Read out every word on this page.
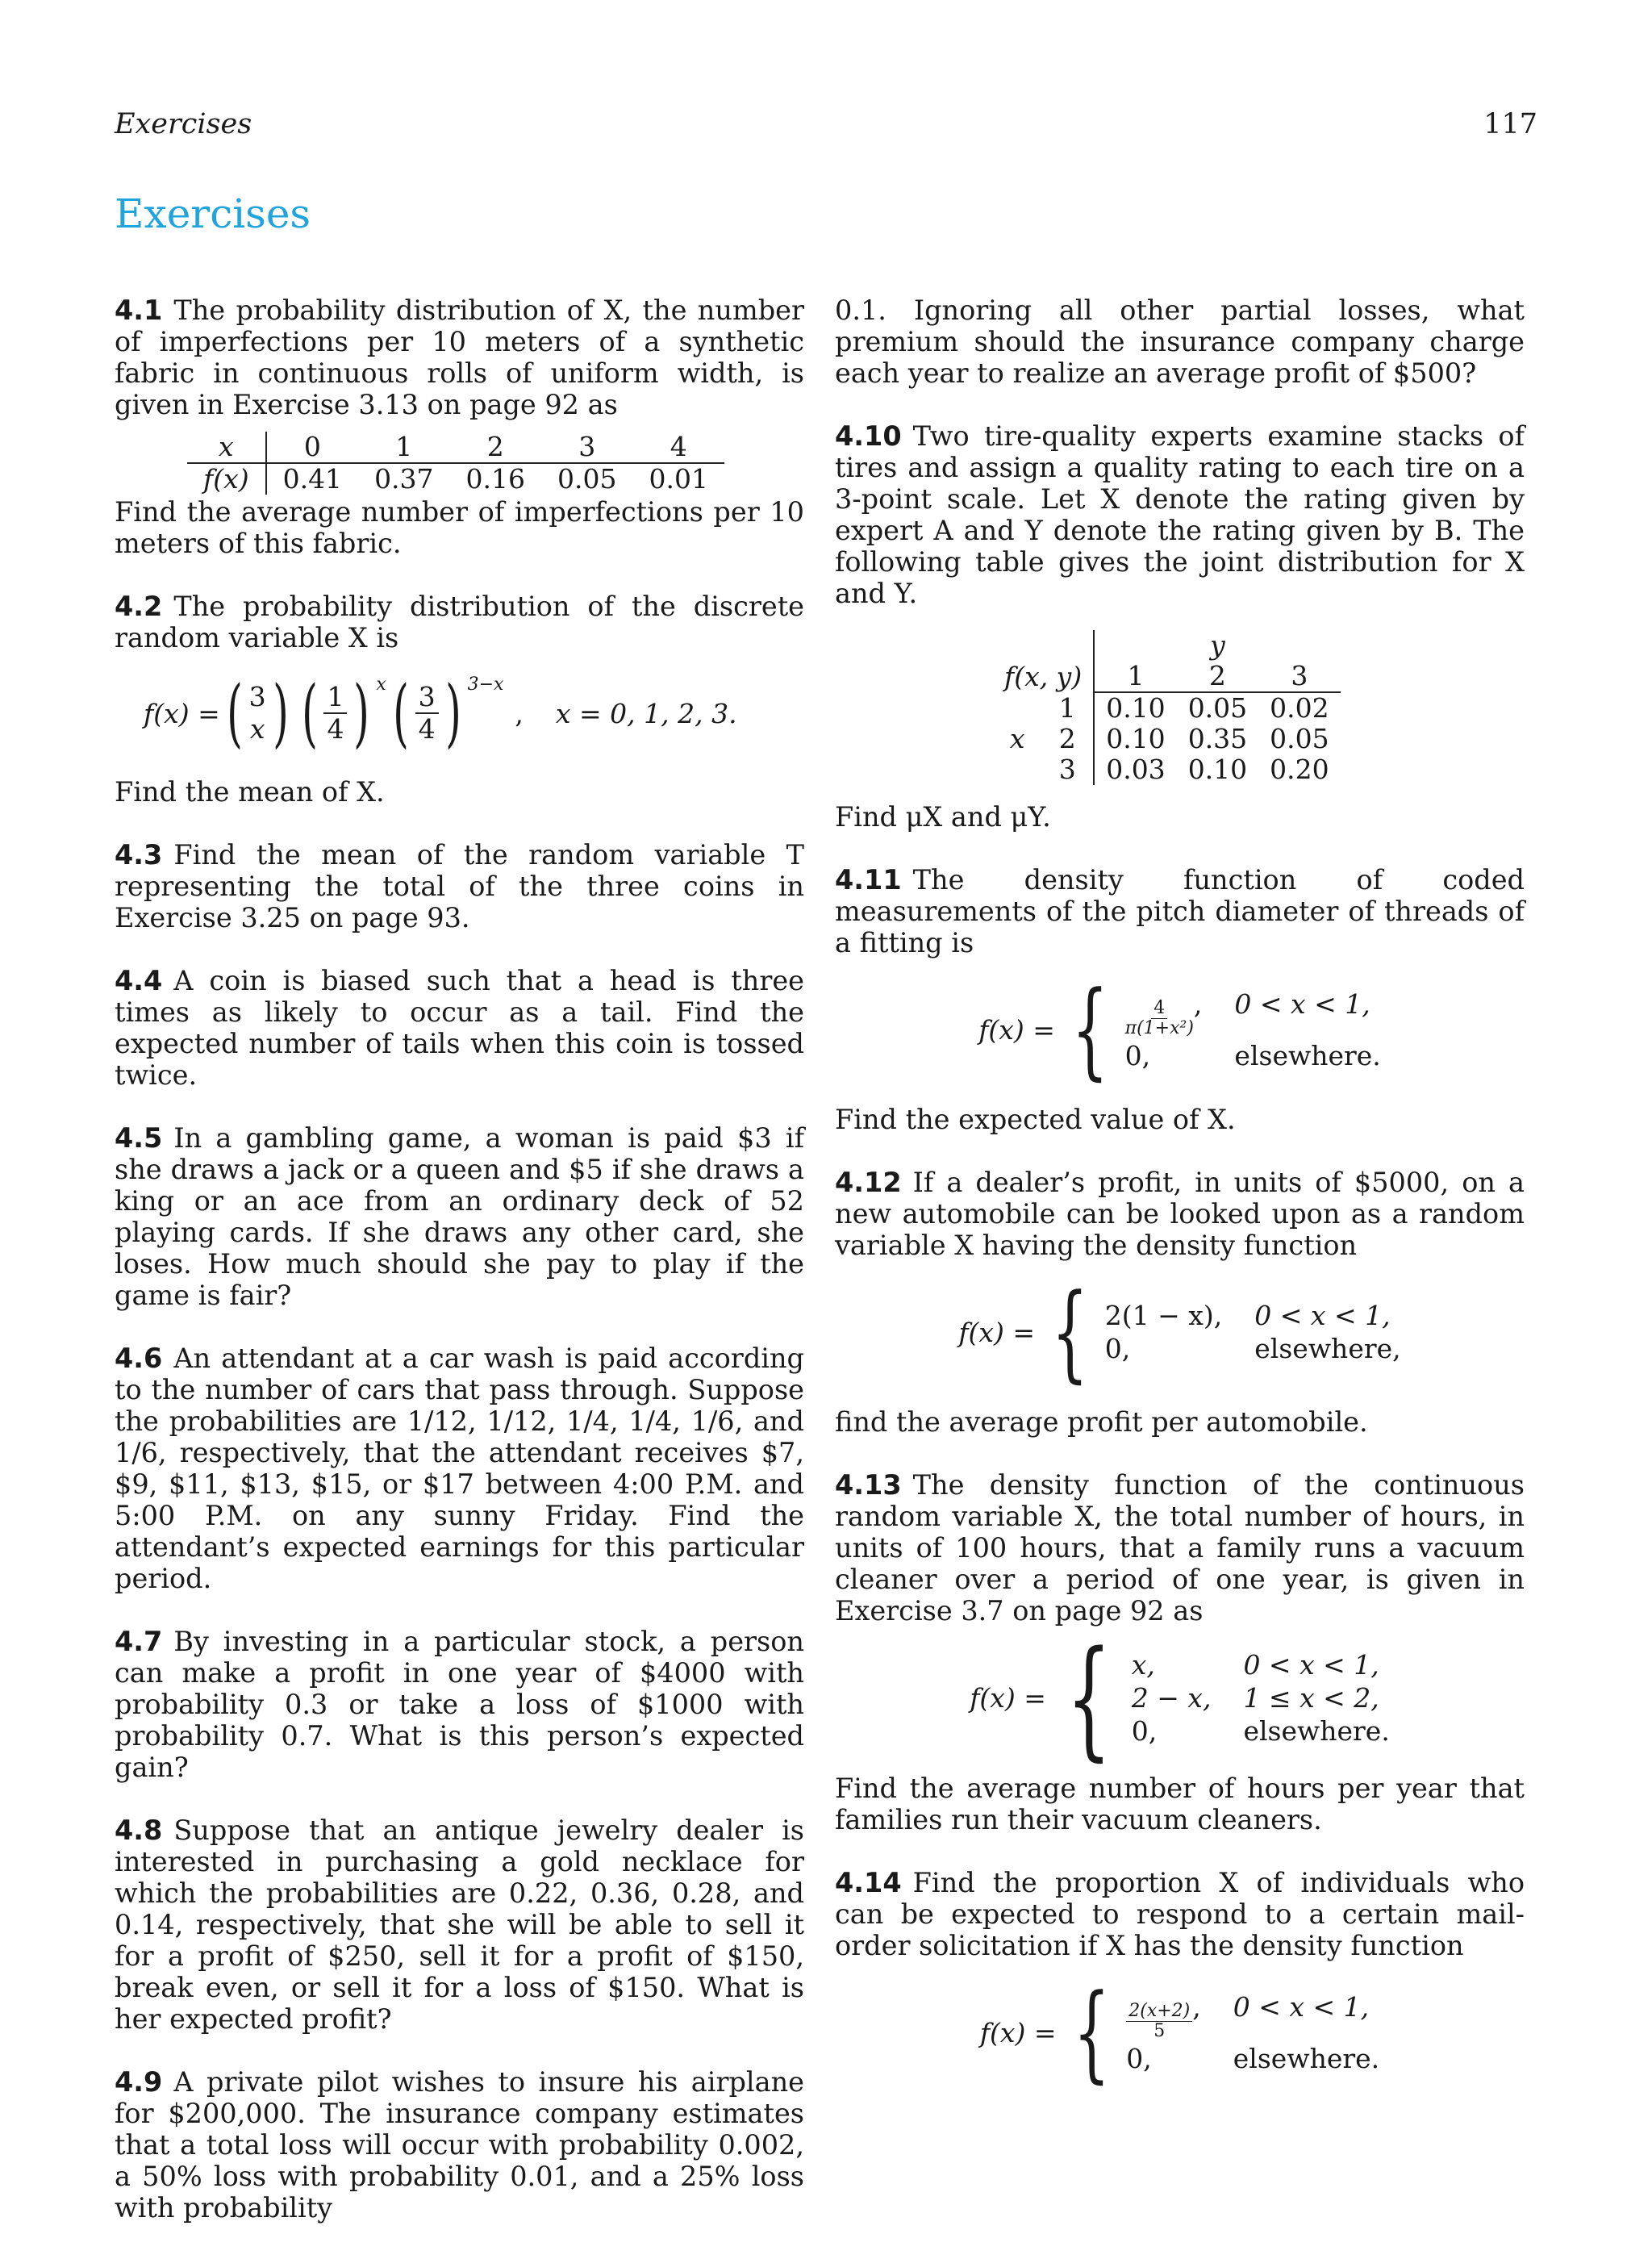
Exercises	117
Exercises
4.1 The probability distribution of X, the number of imperfections per 10 meters of a synthetic fabric in continuous rolls of uniform width, is given in Exercise 3.13 on page 92 as
x	0	1	2	3	4
f(x)	0.41	0.37	0.16	0.05	0.01
Find the average number of imperfections per 10 meters of this fabric.
4.2 The probability distribution of the discrete random variable X is
f(x) = ( 3
x ) ( $\frac{1}{4}$ ) x ( $\frac{3}{4}$ ) 3−x
, x = 0, 1, 2, 3.
Find the mean of X.
4.3 Find the mean of the random variable T representing the total of the three coins in Exercise 3.25 on page 93.
4.4 A coin is biased such that a head is three times as likely to occur as a tail. Find the expected number of tails when this coin is tossed twice.
4.5 In a gambling game, a woman is paid $3 if she draws a jack or a queen and $5 if she draws a king or an ace from an ordinary deck of 52 playing cards. If she draws any other card, she loses. How much should she pay to play if the game is fair?
4.6 An attendant at a car wash is paid according to the number of cars that pass through. Suppose the probabilities are 1/12, 1/12, 1/4, 1/4, 1/6, and 1/6, respectively, that the attendant receives $7, $9, $11, $13, $15, or $17 between 4:00 P.M. and 5:00 P.M. on any sunny Friday. Find the attendant’s expected earnings for this particular period.
4.7 By investing in a particular stock, a person can make a profit in one year of $4000 with probability 0.3 or take a loss of $1000 with probability 0.7. What is this person’s expected gain?
4.8 Suppose that an antique jewelry dealer is interested in purchasing a gold necklace for which the probabilities are 0.22, 0.36, 0.28, and 0.14, respectively, that she will be able to sell it for a profit of $250, sell it for a profit of $150, break even, or sell it for a loss of $150. What is her expected profit?
4.9 A private pilot wishes to insure his airplane for $200,000. The insurance company estimates that a total loss will occur with probability 0.002, a 50% loss with probability 0.01, and a 25% loss with probability
0.1. Ignoring all other partial losses, what premium should the insurance company charge each year to realize an average profit of $500?
4.10 Two tire-quality experts examine stacks of tires and assign a quality rating to each tire on a 3-point scale. Let X denote the rating given by expert A and Y denote the rating given by B. The following table gives the joint distribution for X and Y.
			y	
f(x, y)		1	2	3
	1	0.10	0.05	0.02
x	2	0.10	0.35	0.05
	3	0.03	0.10	0.20
Find μX and μY.
4.11 The density function of coded measurements of the pitch diameter of threads of a fitting is
f(x) = { $\frac{4}{\text{π(1+x²)}}$ , 0 < x < 1,
0,	elsewhere.
Find the expected value of X.
4.12 If a dealer’s profit, in units of $5000, on a new automobile can be looked upon as a random variable X having the density function
f(x) = { 2(1 − x), 0 < x < 1,
0,	elsewhere,
find the average profit per automobile.
4.13 The density function of the continuous random variable X, the total number of hours, in units of 100 hours, that a family runs a vacuum cleaner over a period of one year, is given in Exercise 3.7 on page 92 as
f(x) = { x,	0 < x < 1,
2 − x, 1 ≤ x < 2,
0,	elsewhere.
Find the average number of hours per year that families run their vacuum cleaners.
4.14 Find the proportion X of individuals who can be expected to respond to a certain mail-order solicitation if X has the density function
f(x) = { $\frac{2(x+2)}{5}$ , 0 < x < 1,
0,	elsewhere.
